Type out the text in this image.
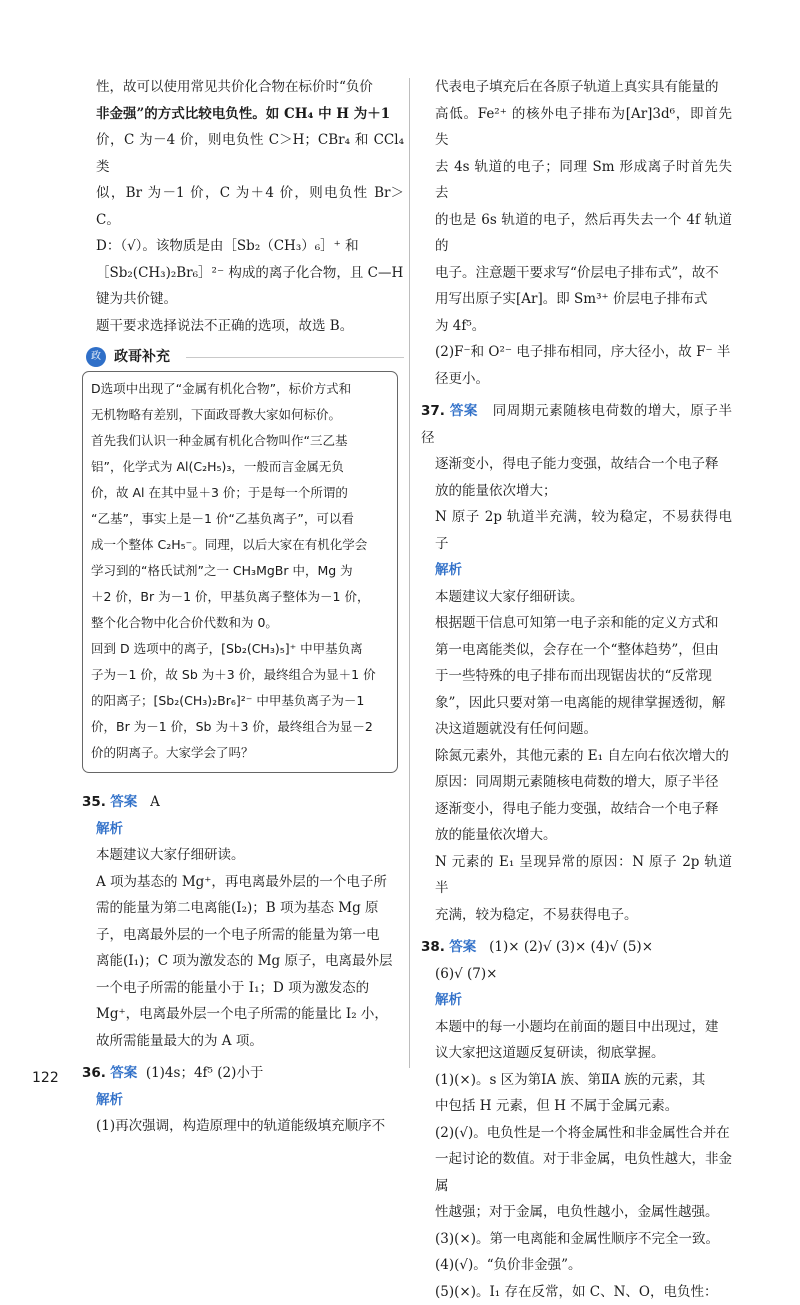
性，故可以使用常见共价化合物在标价时“负价

非金强”的方式比较电负性。如 CH₄ 中 H 为＋1

价，C 为－4 价，则电负性 C＞H；CBr₄ 和 CCl₄ 类

似，Br 为－1 价，C 为＋4 价，则电负性 Br＞C。

D：（√）。该物质是由［Sb₂（CH₃）₆］⁺ 和

［Sb₂(CH₃)₂Br₆］²⁻ 构成的离子化合物，且 C—H

键为共价键。

题干要求选择说法不正确的选项，故选 B。

政 政哥补充

D选项中出现了“金属有机化合物”，标价方式和

无机物略有差别，下面政哥教大家如何标价。

首先我们认识一种金属有机化合物叫作“三乙基

铝”，化学式为 Al(C₂H₅)₃，一般而言金属无负

价，故 Al 在其中显＋3 价；于是每一个所谓的

“乙基”，事实上是－1 价“乙基负离子”，可以看

成一个整体 C₂H₅⁻。同理，以后大家在有机化学会

学习到的“格氏试剂”之一 CH₃MgBr 中，Mg 为

＋2 价，Br 为－1 价，甲基负离子整体为－1 价，

整个化合物中化合价代数和为 0。

回到 D 选项中的离子，[Sb₂(CH₃)₅]⁺ 中甲基负离

子为－1 价，故 Sb 为＋3 价，最终组合为显＋1 价

的阳离子；[Sb₂(CH₃)₂Br₆]²⁻ 中甲基负离子为－1

价，Br 为－1 价，Sb 为＋3 价，最终组合为显－2

价的阴离子。大家学会了吗？

35. 答案 A

解析

本题建议大家仔细研读。

A 项为基态的 Mg⁺，再电离最外层的一个电子所

需的能量为第二电离能(I₂)；B 项为基态 Mg 原

子，电离最外层的一个电子所需的能量为第一电

离能(I₁)；C 项为激发态的 Mg 原子，电离最外层

一个电子所需的能量小于 I₁；D 项为激发态的

Mg⁺，电离最外层一个电子所需的能量比 I₂ 小，

故所需能量最大的为 A 项。

36. 答案 (1)4s；4f⁵ (2)小于

解析

(1)再次强调，构造原理中的轨道能级填充顺序不

代表电子填充后在各原子轨道上真实具有能量的

高低。Fe²⁺ 的核外电子排布为[Ar]3d⁶，即首先失

去 4s 轨道的电子；同理 Sm 形成离子时首先失去

的也是 6s 轨道的电子，然后再失去一个 4f 轨道的

电子。注意题干要求写“价层电子排布式”，故不

用写出原子实[Ar]。即 Sm³⁺ 价层电子排布式

为 4f⁵。

(2)F⁻和 O²⁻ 电子排布相同，序大径小，故 F⁻ 半

径更小。

37. 答案 同周期元素随核电荷数的增大，原子半径

逐渐变小，得电子能力变强，故结合一个电子释

放的能量依次增大；

N 原子 2p 轨道半充满，较为稳定，不易获得电子

解析

本题建议大家仔细研读。

根据题干信息可知第一电子亲和能的定义方式和

第一电离能类似，会存在一个“整体趋势”，但由

于一些特殊的电子排布而出现锯齿状的“反常现

象”，因此只要对第一电离能的规律掌握透彻，解

决这道题就没有任何问题。

除氮元素外，其他元素的 E₁ 自左向右依次增大的

原因：同周期元素随核电荷数的增大，原子半径

逐渐变小，得电子能力变强，故结合一个电子释

放的能量依次增大。

N 元素的 E₁ 呈现异常的原因：N 原子 2p 轨道半

充满，较为稳定，不易获得电子。

38. 答案 (1)× (2)√ (3)× (4)√ (5)×

(6)√ (7)×

解析

本题中的每一小题均在前面的题目中出现过，建

议大家把这道题反复研读，彻底掌握。

(1)(×)。s 区为第ⅠA 族、第ⅡA 族的元素，其

中包括 H 元素，但 H 不属于金属元素。

(2)(√)。电负性是一个将金属性和非金属性合并在

一起讨论的数值。对于非金属，电负性越大，非金属

性越强；对于金属，电负性越小，金属性越强。

(3)(×)。第一电离能和金属性顺序不完全一致。

(4)(√)。“负价非金强”。

(5)(×)。I₁ 存在反常，如 C、N、O，电负性：

122
